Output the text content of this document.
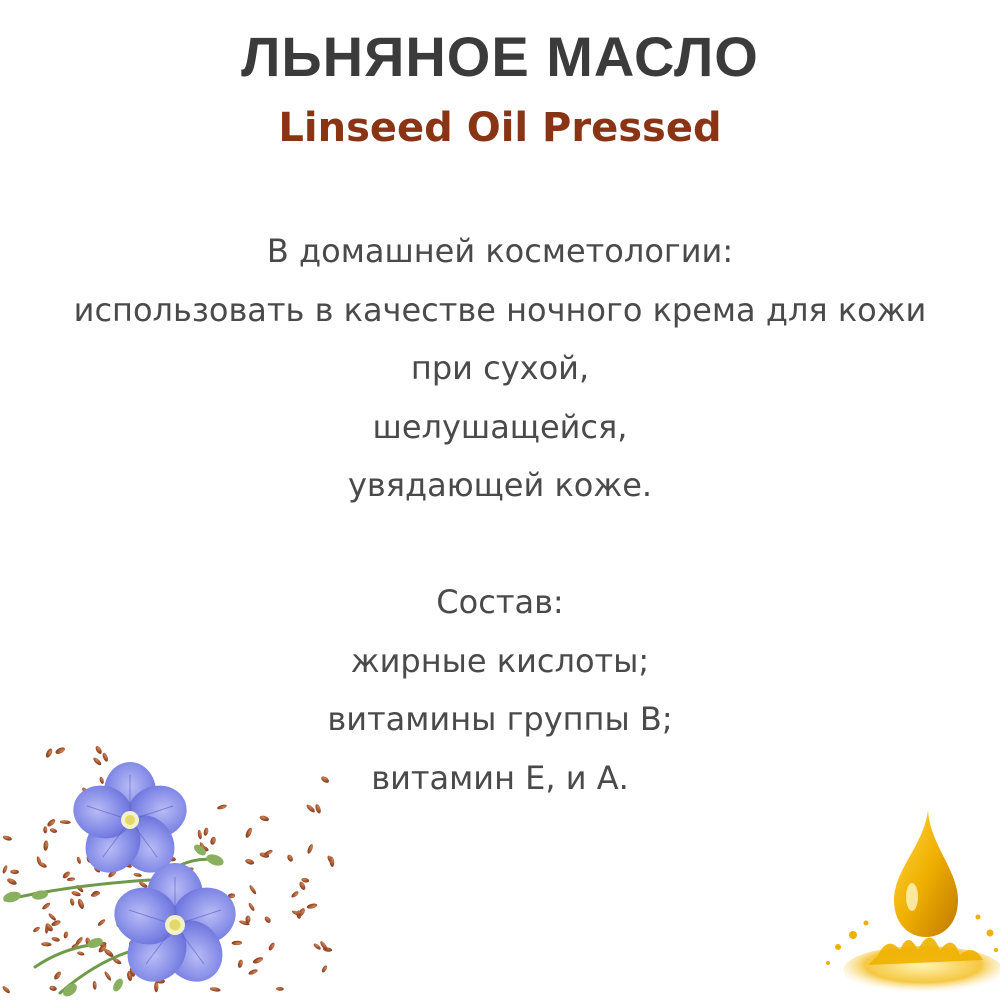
ЛЬНЯНОЕ МАСЛО
Linseed Oil Pressed
В домашней косметологии:
использовать в качестве ночного крема для кожи
при сухой,
шелушащейся,
увядающей коже.
Состав:
жирные кислоты;
витамины группы В;
витамин Е, и А.
